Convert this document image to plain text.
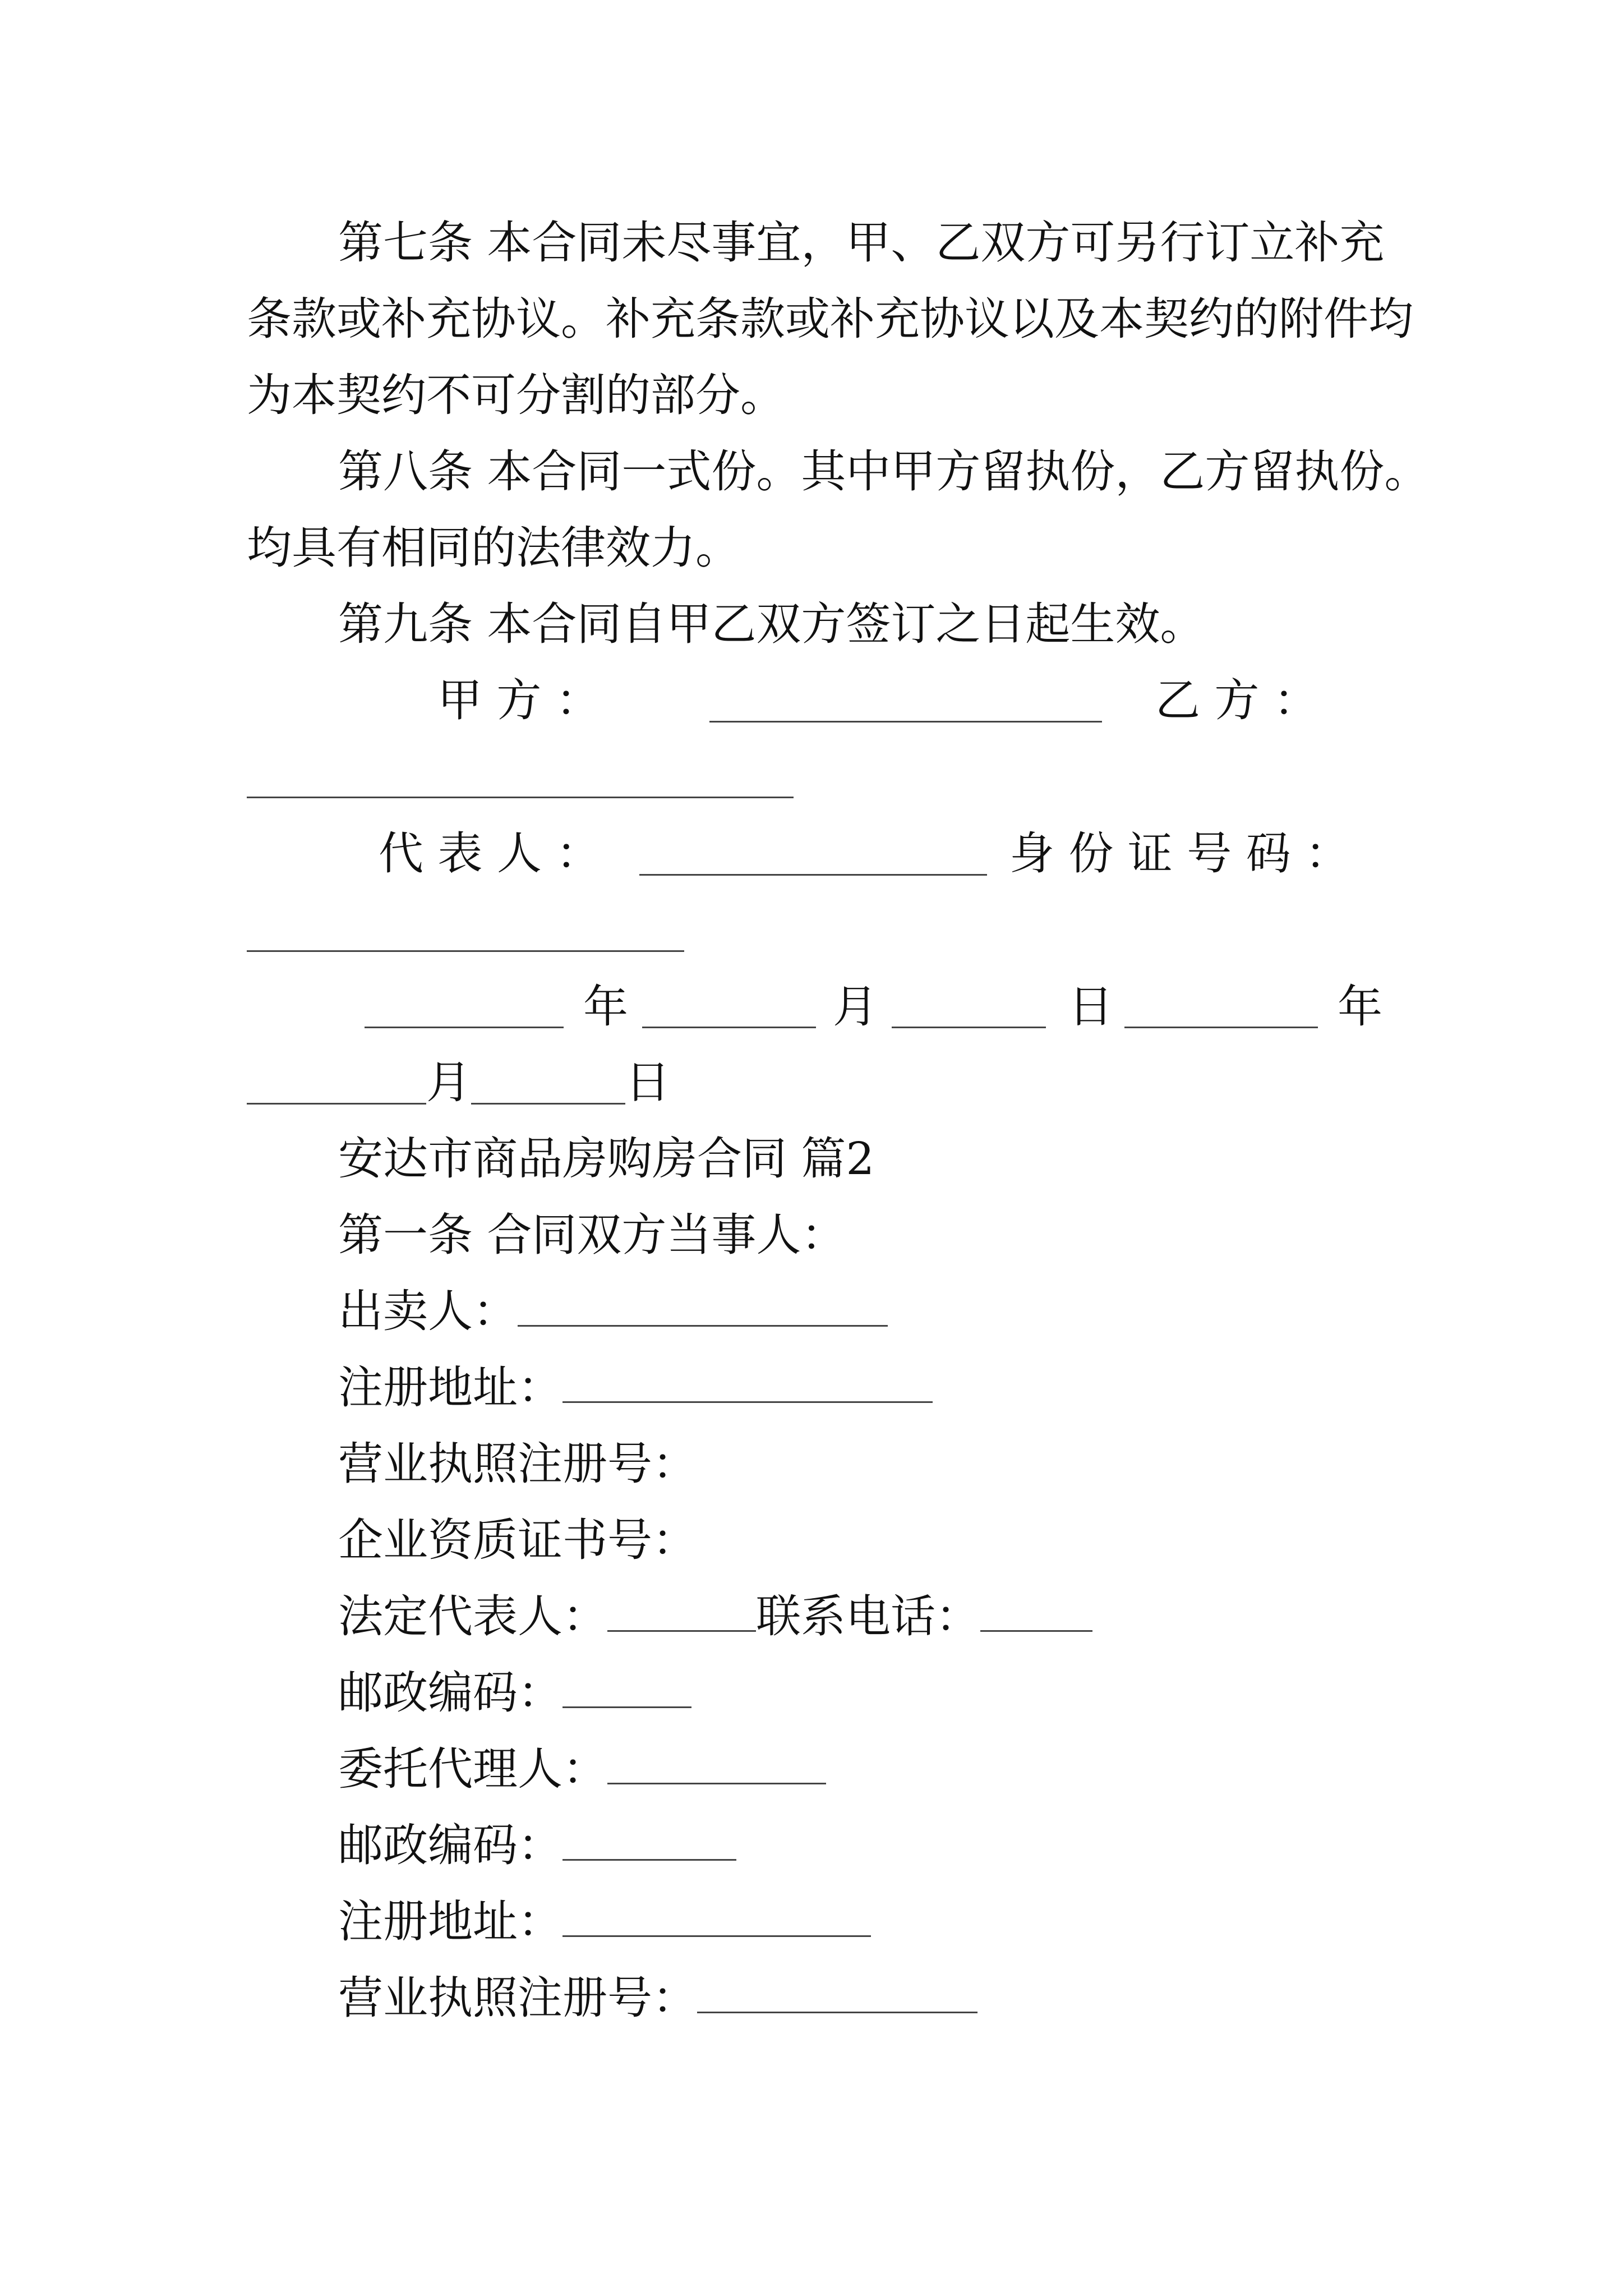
第七条 本合同未尽事宜，甲、乙双方可另行订立补充
条款或补充协议。补充条款或补充协议以及本契约的附件均
为本契约不可分割的部分。
第八条 本合同一式份。其中甲方留执份，乙方留执份。
均具有相同的法律效力。
第九条 本合同自甲乙双方签订之日起生效。
甲 方 ：	乙 方 ：
代 表 人 ：	身 份 证 号 码 ：
年	月	日	年
月	日
安达市商品房购房合同 篇2
第一条 合同双方当事人：
出卖人：
注册地址：
营业执照注册号：
企业资质证书号：
法定代表人：	联系电话：
邮政编码：
委托代理人：
邮政编码：
注册地址：
营业执照注册号：
